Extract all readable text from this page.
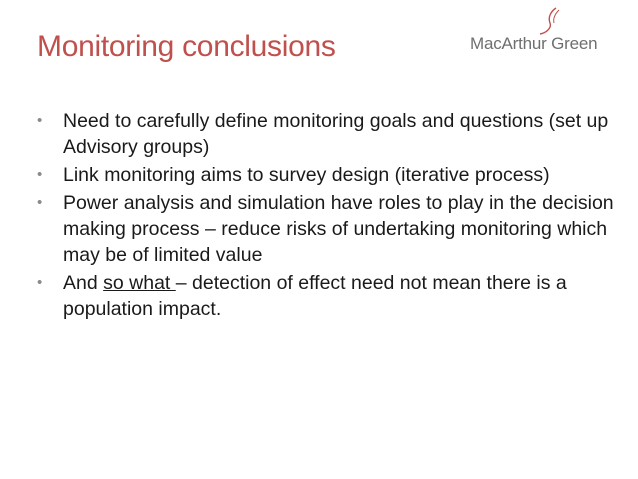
Monitoring conclusions	MacArthur Green
• Need to carefully define monitoring goals and questions (set up Advisory groups)
• Link monitoring aims to survey design (iterative process)
• Power analysis and simulation have roles to play in the decision making process – reduce risks of undertaking monitoring which may be of limited value
• And so what – detection of effect need not mean there is a population impact.
